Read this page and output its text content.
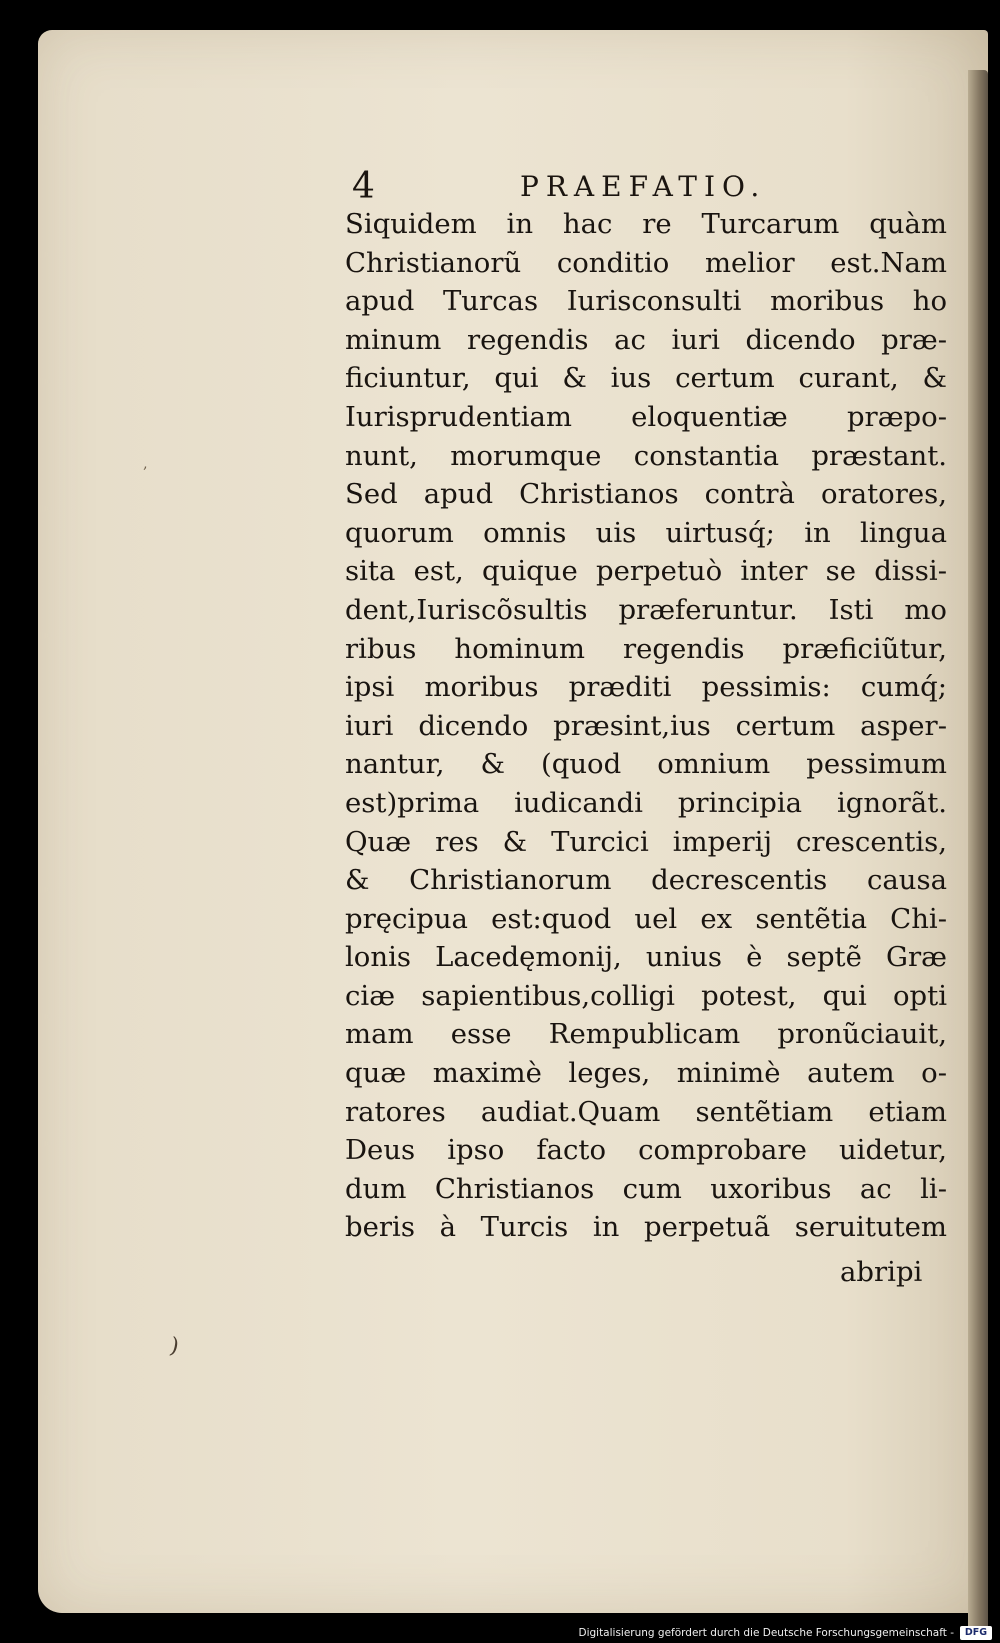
4	PRAEFATIO.
Siquidem in hac re Turcarum quàm
Christianorũ conditio melior est.Nam
apud Turcas Iurisconsulti moribus ho
minum regendis ac iuri dicendo præ-
ficiuntur, qui & ius certum curant, &
Iurisprudentiam eloquentiæ præpo-
nunt, morumque constantia præstant.
Sed apud Christianos contrà oratores,
quorum omnis uis uirtusq́; in lingua
sita est, quique perpetuò inter se dissi-
dent,Iuriscõsultis præferuntur. Isti mo
ribus hominum regendis præficiũtur,
ipsi moribus præditi pessimis: cumq́;
iuri dicendo præsint,ius certum asper-
nantur, & (quod omnium pessimum
est)prima iudicandi principia ignorãt.
Quæ res & Turcici imperij crescentis,
& Christianorum decrescentis causa
pręcipua est:quod uel ex sentẽtia Chi-
lonis Lacedęmonij, unius è septẽ Græ
ciæ sapientibus,colligi potest, qui opti
mam esse Rempublicam pronũciauit,
quæ maximè leges, minimè autem o-
ratores audiat.Quam sentẽtiam etiam
Deus ipso facto comprobare uidetur,
dum Christianos cum uxoribus ac li-
beris à Turcis in perpetuã seruitutem
abripi
‚
)
Digitalisierung gefördert durch die Deutsche Forschungsgemeinschaft -	DFG
